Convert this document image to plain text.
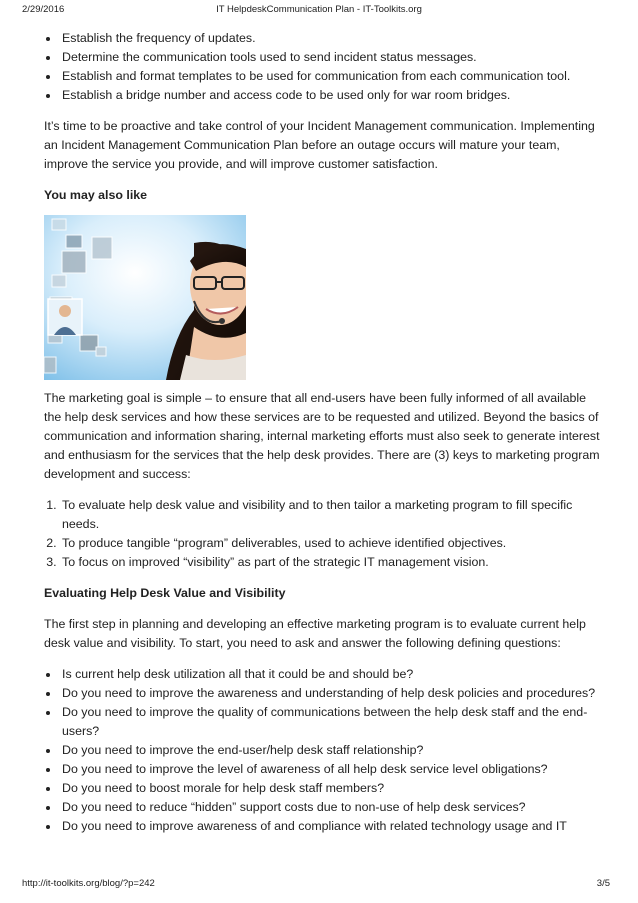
2/29/2016	IT HelpdeskCommunication Plan - IT-Toolkits.org
• Establish the frequency of updates.
• Determine the communication tools used to send incident status messages.
• Establish and format templates to be used for communication from each communication tool.
• Establish a bridge number and access code to be used only for war room bridges.

It’s time to be proactive and take control of your Incident Management communication. Implementing an Incident Management Communication Plan before an outage occurs will mature your team, improve the service you provide, and will improve customer satisfaction.

You may also like

The marketing goal is simple – to ensure that all end-users have been fully informed of all available the help desk services and how these services are to be requested and utilized. Beyond the basics of communication and information sharing, internal marketing efforts must also seek to generate interest and enthusiasm for the services that the help desk provides. There are (3) keys to marketing program development and success:

1. To evaluate help desk value and visibility and to then tailor a marketing program to fill specific needs.
2. To produce tangible “program” deliverables, used to achieve identified objectives.
3. To focus on improved “visibility” as part of the strategic IT management vision.

Evaluating Help Desk Value and Visibility

The first step in planning and developing an effective marketing program is to evaluate current help desk value and visibility. To start, you need to ask and answer the following defining questions:

• Is current help desk utilization all that it could be and should be?
• Do you need to improve the awareness and understanding of help desk policies and procedures?
• Do you need to improve the quality of communications between the help desk staff and the end-users?
• Do you need to improve the end-user/help desk staff relationship?
• Do you need to improve the level of awareness of all help desk service level obligations?
• Do you need to boost morale for help desk staff members?
• Do you need to reduce “hidden” support costs due to non-use of help desk services?
• Do you need to improve awareness of and compliance with related technology usage and IT
http://it-toolkits.org/blog/?p=242	3/5
